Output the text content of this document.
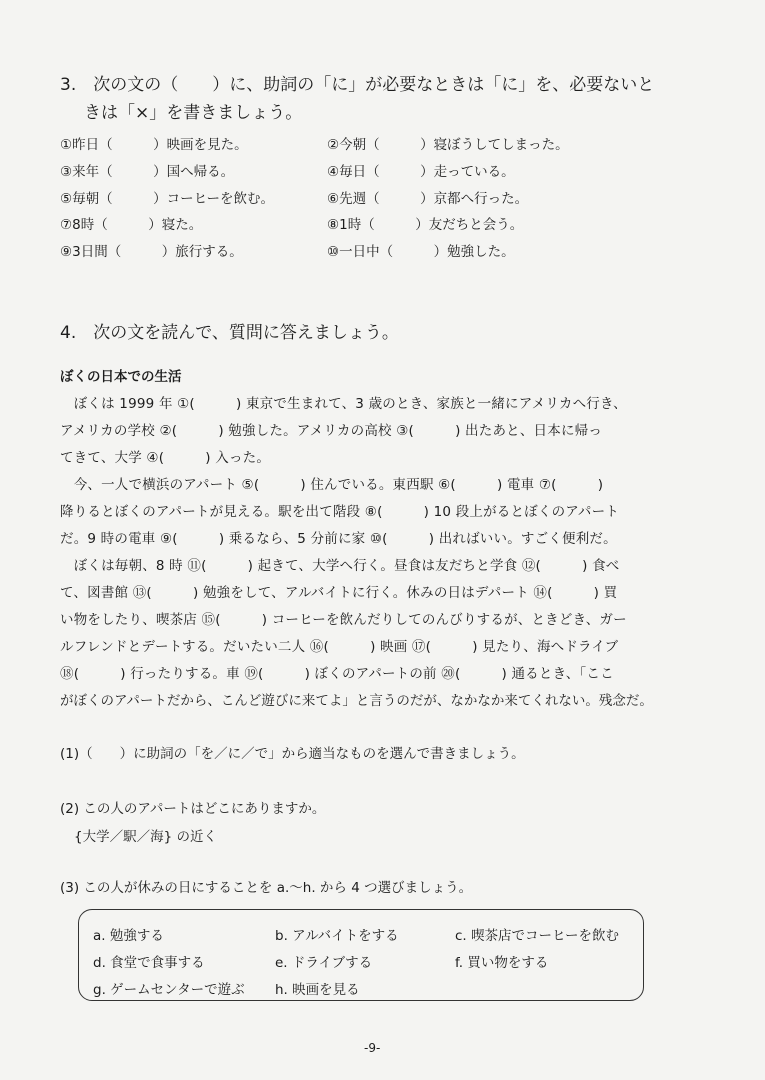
3.　次の文の（　　）に、助詞の「に」が必要なときは「に」を、必要ないと
きは「×」を書きましょう。
①昨日（　　　）映画を見た。	②今朝（　　　）寝ぼうしてしまった。
③来年（　　　）国へ帰る。	④毎日（　　　）走っている。
⑤毎朝（　　　）コーヒーを飲む。	⑥先週（　　　）京都へ行った。
⑦8時（　　　）寝た。	⑧1時（　　　）友だちと会う。
⑨3日間（　　　）旅行する。	⑩一日中（　　　）勉強した。
4.　次の文を読んで、質問に答えましょう。
ぼくの日本での生活
　ぼくは 1999 年 ①(　　　) 東京で生まれて、3 歳のとき、家族と一緒にアメリカへ行き、
アメリカの学校 ②(　　　) 勉強した。アメリカの高校 ③(　　　) 出たあと、日本に帰っ
てきて、大学 ④(　　　) 入った。
　今、一人で横浜のアパート ⑤(　　　) 住んでいる。東西駅 ⑥(　　　) 電車 ⑦(　　　)
降りるとぼくのアパートが見える。駅を出て階段 ⑧(　　　) 10 段上がるとぼくのアパート
だ。9 時の電車 ⑨(　　　) 乗るなら、5 分前に家 ⑩(　　　) 出ればいい。すごく便利だ。
　ぼくは毎朝、8 時 ⑪(　　　) 起きて、大学へ行く。昼食は友だちと学食 ⑫(　　　) 食べ
て、図書館 ⑬(　　　) 勉強をして、アルバイトに行く。休みの日はデパート ⑭(　　　) 買
い物をしたり、喫茶店 ⑮(　　　) コーヒーを飲んだりしてのんびりするが、ときどき、ガー
ルフレンドとデートする。だいたい二人 ⑯(　　　) 映画 ⑰(　　　) 見たり、海へドライブ
⑱(　　　) 行ったりする。車 ⑲(　　　) ぼくのアパートの前 ⑳(　　　) 通るとき、「ここ
がぼくのアパートだから、こんど遊びに来てよ」と言うのだが、なかなか来てくれない。残念だ。
(1)（　　）に助詞の「を／に／で」から適当なものを選んで書きましょう。
(2) この人のアパートはどこにありますか。
{大学／駅／海} の近く
(3) この人が休みの日にすることを a.～h. から 4 つ選びましょう。
a. 勉強する	b. アルバイトをする	c. 喫茶店でコーヒーを飲む
d. 食堂で食事する	e. ドライブする	f. 買い物をする
g. ゲームセンターで遊ぶ h. 映画を見る
-9-
